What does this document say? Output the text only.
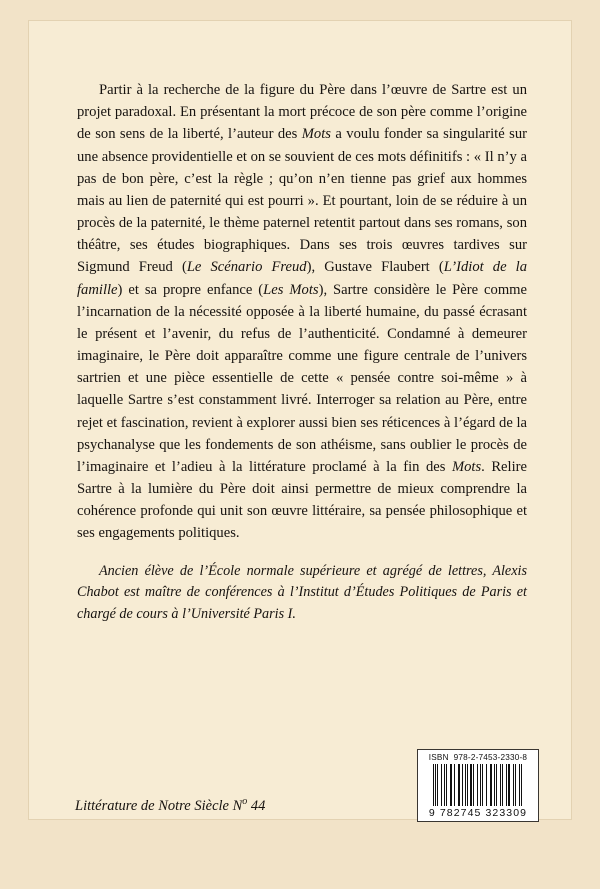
Partir à la recherche de la figure du Père dans l’œuvre de Sartre est un projet paradoxal. En présentant la mort précoce de son père comme l’origine de son sens de la liberté, l’auteur des Mots a voulu fonder sa singularité sur une absence providentielle et on se souvient de ces mots définitifs : « Il n’y a pas de bon père, c’est la règle ; qu’on n’en tienne pas grief aux hommes mais au lien de paternité qui est pourri ». Et pourtant, loin de se réduire à un procès de la paternité, le thème paternel retentit partout dans ses romans, son théâtre, ses études biographiques. Dans ses trois œuvres tardives sur Sigmund Freud (Le Scénario Freud), Gustave Flaubert (L’Idiot de la famille) et sa propre enfance (Les Mots), Sartre considère le Père comme l’incarnation de la nécessité opposée à la liberté humaine, du passé écrasant le présent et l’avenir, du refus de l’authenticité. Condamné à demeurer imaginaire, le Père doit apparaître comme une figure centrale de l’univers sartrien et une pièce essentielle de cette « pensée contre soi-même » à laquelle Sartre s’est constamment livré. Interroger sa relation au Père, entre rejet et fascination, revient à explorer aussi bien ses réticences à l’égard de la psychanalyse que les fondements de son athéisme, sans oublier le procès de l’imaginaire et l’adieu à la littérature proclamé à la fin des Mots. Relire Sartre à la lumière du Père doit ainsi permettre de mieux comprendre la cohérence profonde qui unit son œuvre littéraire, sa pensée philosophique et ses engagements politiques.

Ancien élève de l’École normale supérieure et agrégé de lettres, Alexis Chabot est maître de conférences à l’Institut d’Études Politiques de Paris et chargé de cours à l’Université Paris I.

Littérature de Notre Siècle $N^o$ 44
ISBN 978-2-7453-2330-8
9 782745 323309
